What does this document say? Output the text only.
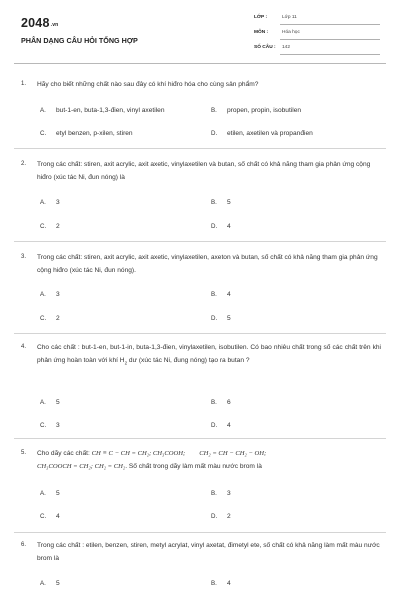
$2048_{.vn}$
PHÂN DẠNG CÂU HỎI TỔNG HỢP
LỚP :	Lớp 11
MÔN :	Hóa học
SỐ CÂU : 142
1. Hãy cho biết những chất nào sau đây có khí hiđro hóa cho cùng sản phẩm?
A. but-1-en, buta-1,3-đien, vinyl axetilen	B. propen, propin, isobutilen
C. etyl benzen, p-xilen, stiren	D. etilen, axetilen và propanđien
2. Trong các chất: stiren, axit acrylic, axit axetic, vinylaxetilen và butan, số chất có khả năng tham gia phản ứng cộng hiđro (xúc tác Ni, đun nóng) là
A. 3	B. 5
C. 2	D. 4
3. Trong các chất: stiren, axit acrylic, axit axetic, vinylaxetilen, axeton và butan, số chất có khả năng tham gia phản ứng cộng hiđro (xúc tác Ni, đun nóng).
A. 3	B. 4
C. 2	D. 5
4. Cho các chất : but-1-en, but-1-in, buta-1,3-đien, vinylaxetilen, isobutilen. Có bao nhiêu chất trong số các chất trên khi phản ứng hoàn toàn với khí $H_2$ dư (xúc tác Ni, đung nóng) tạo ra butan ?
A. 5	B. 6
C. 3	D. 4
5. Cho dãy các chất: CH ≡ C − CH = CH₂; CH₃COOH; CH₂ = CH − CH₂ − OH;
CH₃COOCH = CH₂; CH₂ = CH₂. Số chất trong dãy làm mất màu nước brom là
A. 5	B. 3
C. 4	D. 2
6. Trong các chất : etilen, benzen, stiren, metyl acrylat, vinyl axetat, đimetyl ete, số chất có khả năng làm mất màu nước brom là
A. 5	B. 4
